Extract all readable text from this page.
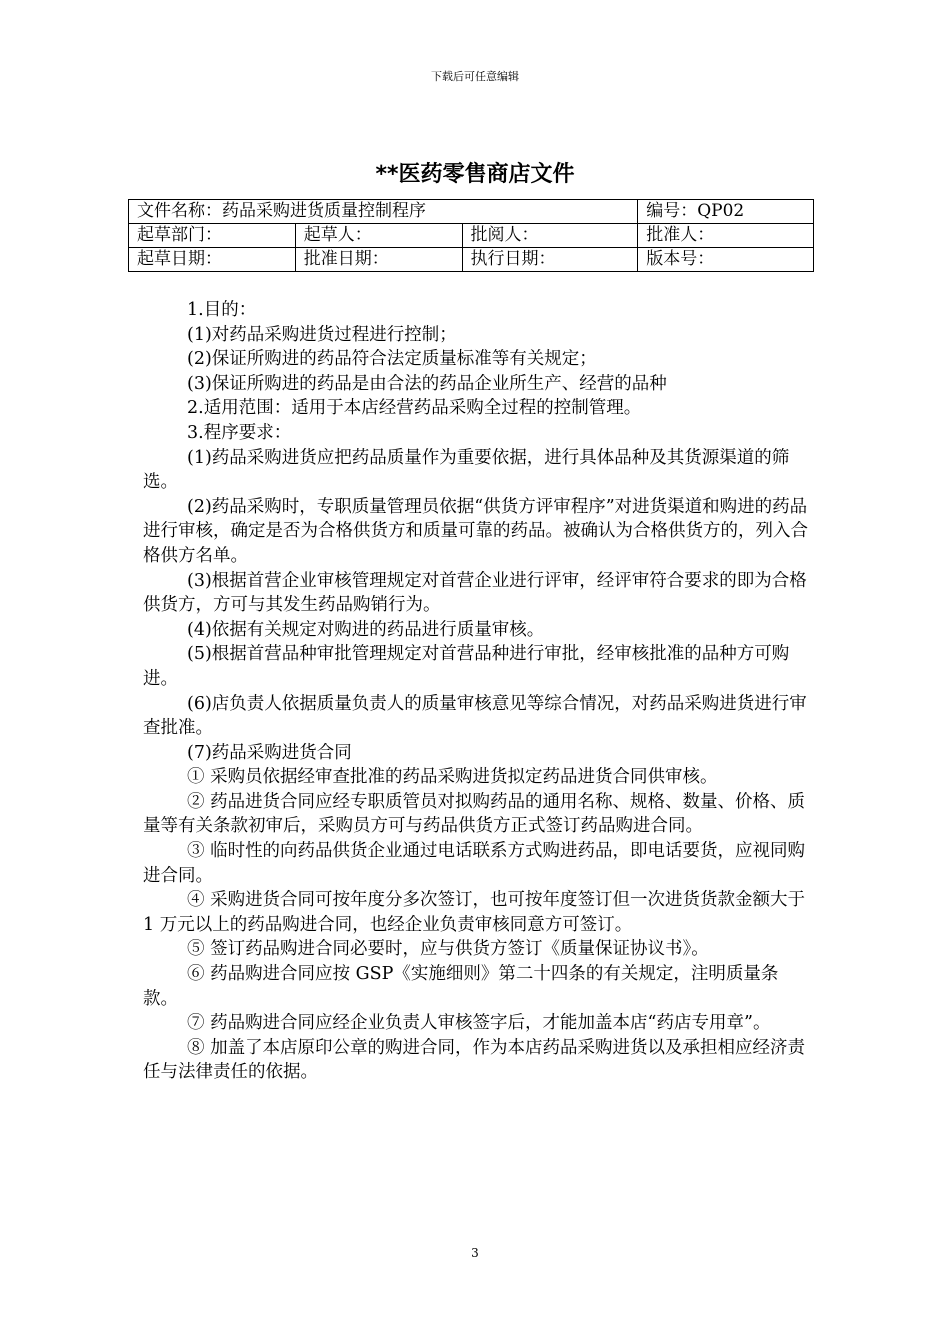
下载后可任意编辑
**医药零售商店文件
文件名称：药品采购进货质量控制程序			编号：QP02
起草部门：	起草人：	批阅人：	批准人：
起草日期：	批准日期：	执行日期：	版本号：

1.目的：

(1)对药品采购进货过程进行控制；

(2)保证所购进的药品符合法定质量标准等有关规定；

(3)保证所购进的药品是由合法的药品企业所生产、经营的品种

2.适用范围：适用于本店经营药品采购全过程的控制管理。

3.程序要求：

(1)药品采购进货应把药品质量作为重要依据，进行具体品种及其货源渠道的筛选。

(2)药品采购时，专职质量管理员依据“供货方评审程序”对进货渠道和购进的药品进行审核，确定是否为合格供货方和质量可靠的药品。被确认为合格供货方的，列入合格供方名单。

(3)根据首营企业审核管理规定对首营企业进行评审，经评审符合要求的即为合格供货方，方可与其发生药品购销行为。

(4)依据有关规定对购进的药品进行质量审核。

(5)根据首营品种审批管理规定对首营品种进行审批，经审核批准的品种方可购进。

(6)店负责人依据质量负责人的质量审核意见等综合情况，对药品采购进货进行审查批准。

(7)药品采购进货合同

① 采购员依据经审查批准的药品采购进货拟定药品进货合同供审核。

② 药品进货合同应经专职质管员对拟购药品的通用名称、规格、数量、价格、质量等有关条款初审后，采购员方可与药品供货方正式签订药品购进合同。

③ 临时性的向药品供货企业通过电话联系方式购进药品，即电话要货，应视同购进合同。

④ 采购进货合同可按年度分多次签订，也可按年度签订但一次进货货款金额大于 1 万元以上的药品购进合同，也经企业负责审核同意方可签订。

⑤ 签订药品购进合同必要时，应与供货方签订《质量保证协议书》。

⑥ 药品购进合同应按 GSP《实施细则》第二十四条的有关规定，注明质量条款。

⑦ 药品购进合同应经企业负责人审核签字后，才能加盖本店“药店专用章”。

⑧ 加盖了本店原印公章的购进合同，作为本店药品采购进货以及承担相应经济责任与法律责任的依据。

3
